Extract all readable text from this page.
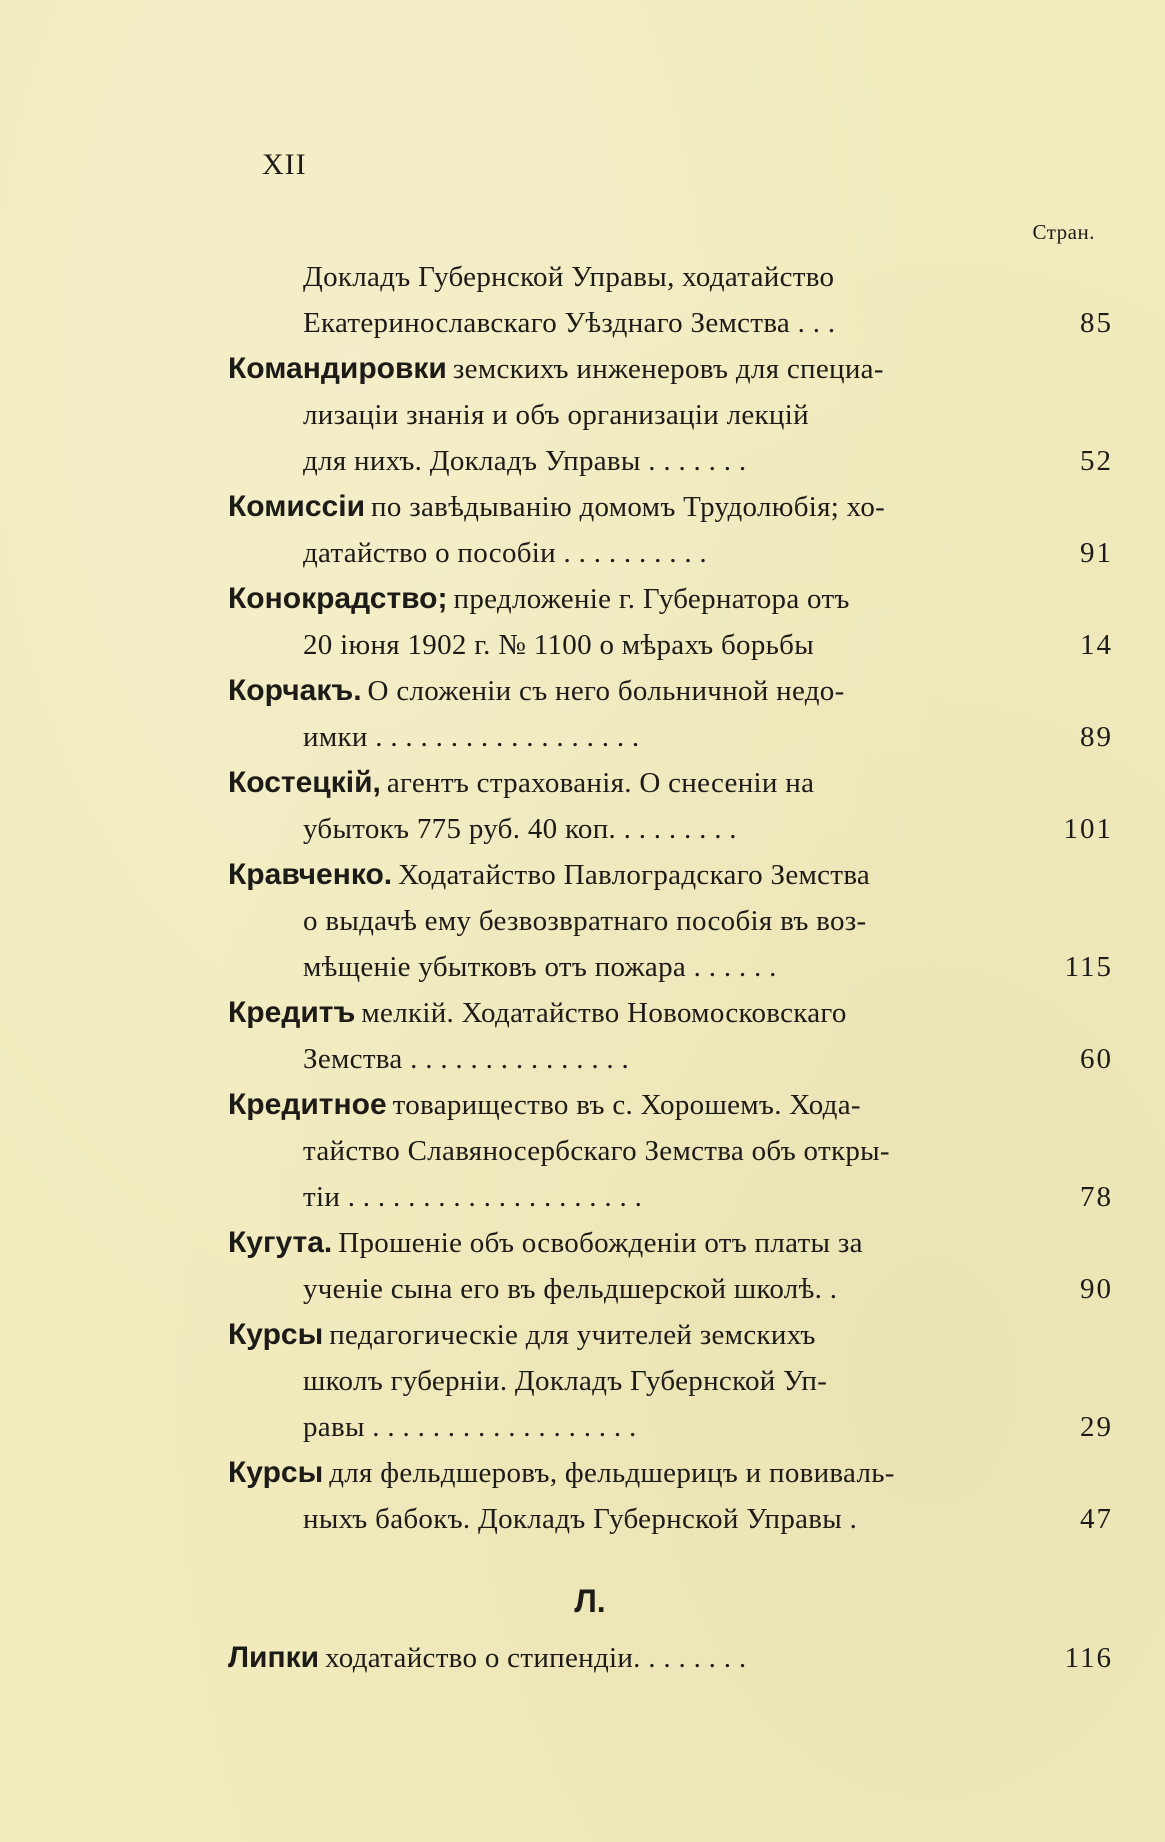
XII
Стран.
Докладъ Губернской Управы, ходатайство
Екатеринославскаго Уѣзднаго Земства . . .	85
Командировки земскихъ инженеровъ для специа-
лизаціи знанія и объ организаціи лекцій
для нихъ. Докладъ Управы . . . . . . .	52
Комиссіи по завѣдыванію домомъ Трудолюбія; хо-
датайство о пособіи . . . . . . . . . .	91
Конокрадство; предложеніе г. Губернатора отъ
20 іюня 1902 г. № 1100 о мѣрахъ борьбы	14
Корчакъ. О сложеніи съ него больничной недо-
имки . . . . . . . . . . . . . . . . . .	89
Костецкій, агентъ страхованія. О снесеніи на
убытокъ 775 руб. 40 коп. . . . . . . . .	101
Кравченко. Ходатайство Павлоградскаго Земства
о выдачѣ ему безвозвратнаго пособія въ воз-
мѣщеніе убытковъ отъ пожара . . . . . .	115
Кредитъ мелкій. Ходатайство Новомосковскаго
Земства . . . . . . . . . . . . . . .	60
Кредитное товарищество въ с. Хорошемъ. Хода-
тайство Славяносербскаго Земства объ откры-
тіи . . . . . . . . . . . . . . . . . . . .	78
Кугута. Прошеніе объ освобожденіи отъ платы за
ученіе сына его въ фельдшерской школѣ. .	90
Курсы педагогическіе для учителей земскихъ
школъ губерніи. Докладъ Губернской Уп-
равы . . . . . . . . . . . . . . . . . .	29
Курсы для фельдшеровъ, фельдшерицъ и повиваль-
ныхъ бабокъ. Докладъ Губернской Управы .	47
Л.
Липки ходатайство о стипендіи. . . . . . . .	116
